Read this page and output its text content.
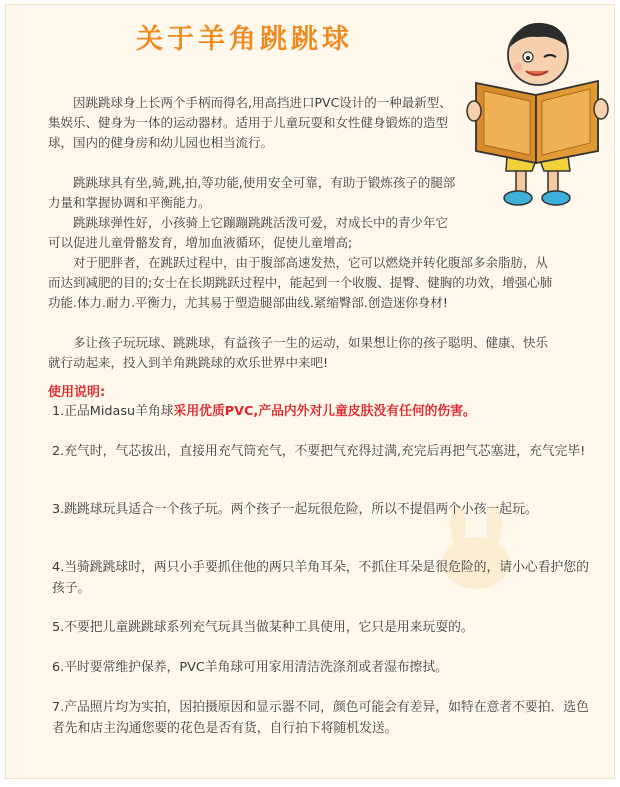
关于羊角跳跳球

因跳跳球身上长两个手柄而得名,用高挡进口PVC设计的一种最新型、集娱乐、健身为一体的运动器材。适用于儿童玩耍和女性健身锻炼的造型球，国内的健身房和幼儿园也相当流行。

跳跳球具有坐,骑,跳,拍,等功能,使用安全可靠，有助于锻炼孩子的腿部力量和掌握协调和平衡能力。

跳跳球弹性好，小孩骑上它蹦蹦跳跳活泼可爱，对成长中的青少年它可以促进儿童骨骼发育，增加血液循环，促使儿童增高;

对于肥胖者，在跳跃过程中，由于腹部高速发热，它可以燃烧并转化腹部多余脂肪，从而达到减肥的目的;女士在长期跳跃过程中，能起到一个收腹、提臀、健胸的功效，增强心肺功能.体力.耐力.平衡力，尤其易于塑造腿部曲线.紧缩臀部.创造迷你身材!

多让孩子玩玩球、跳跳球，有益孩子一生的运动，如果想让你的孩子聪明、健康、快乐就行动起来，投入到羊角跳跳球的欢乐世界中来吧!

使用说明:

1.正品Midasu羊角球采用优质PVC,产品内外对儿童皮肤没有任何的伤害。

2.充气时，气芯拔出，直接用充气筒充气，不要把气充得过满,充完后再把气芯塞进，充气完毕!

3.跳跳球玩具适合一个孩子玩。两个孩子一起玩很危险，所以不提倡两个小孩一起玩。

4.当骑跳跳球时，两只小手要抓住他的两只羊角耳朵，不抓住耳朵是很危险的，请小心看护您的孩子。

5.不要把儿童跳跳球系列充气玩具当做某种工具使用，它只是用来玩耍的。

6.平时要常维护保养，PVC羊角球可用家用清洁洗涤剂或者湿布擦拭。

7.产品照片均为实拍，因拍摄原因和显示器不同，颜色可能会有差异，如特在意者不要拍．选色者先和店主沟通您要的花色是否有货，自行拍下将随机发送。
